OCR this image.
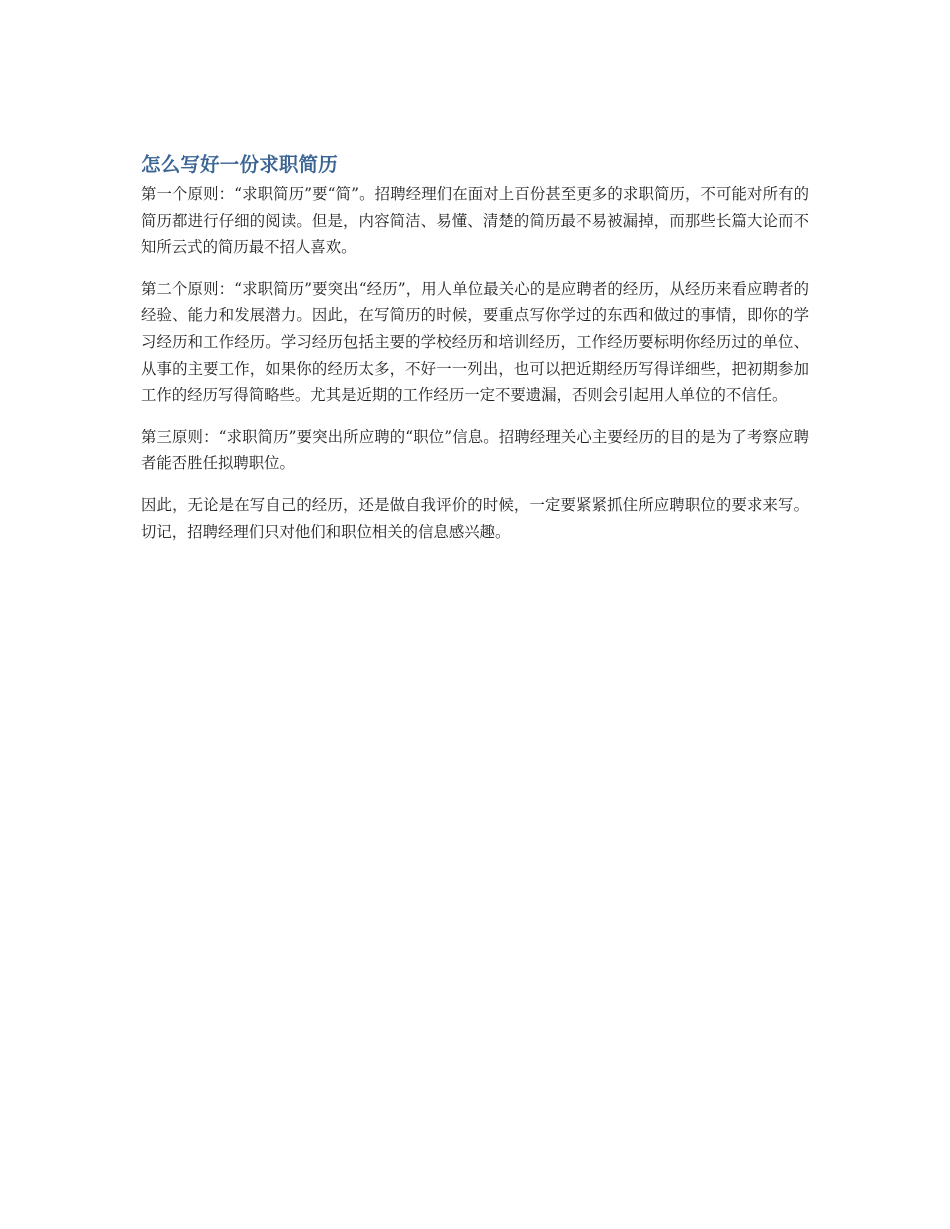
怎么写好一份求职简历

第一个原则：“求职简历”要“简”。招聘经理们在面对上百份甚至更多的求职简历，不可能对所有的简历都进行仔细的阅读。但是，内容简洁、易懂、清楚的简历最不易被漏掉，而那些长篇大论而不知所云式的简历最不招人喜欢。

第二个原则：“求职简历”要突出“经历”，用人单位最关心的是应聘者的经历，从经历来看应聘者的经验、能力和发展潜力。因此，在写简历的时候，要重点写你学过的东西和做过的事情，即你的学习经历和工作经历。学习经历包括主要的学校经历和培训经历，工作经历要标明你经历过的单位、从事的主要工作，如果你的经历太多，不好一一列出，也可以把近期经历写得详细些，把初期参加工作的经历写得简略些。尤其是近期的工作经历一定不要遗漏，否则会引起用人单位的不信任。

第三原则：“求职简历”要突出所应聘的“职位”信息。招聘经理关心主要经历的目的是为了考察应聘者能否胜任拟聘职位。

因此，无论是在写自己的经历，还是做自我评价的时候，一定要紧紧抓住所应聘职位的要求来写。切记，招聘经理们只对他们和职位相关的信息感兴趣。
